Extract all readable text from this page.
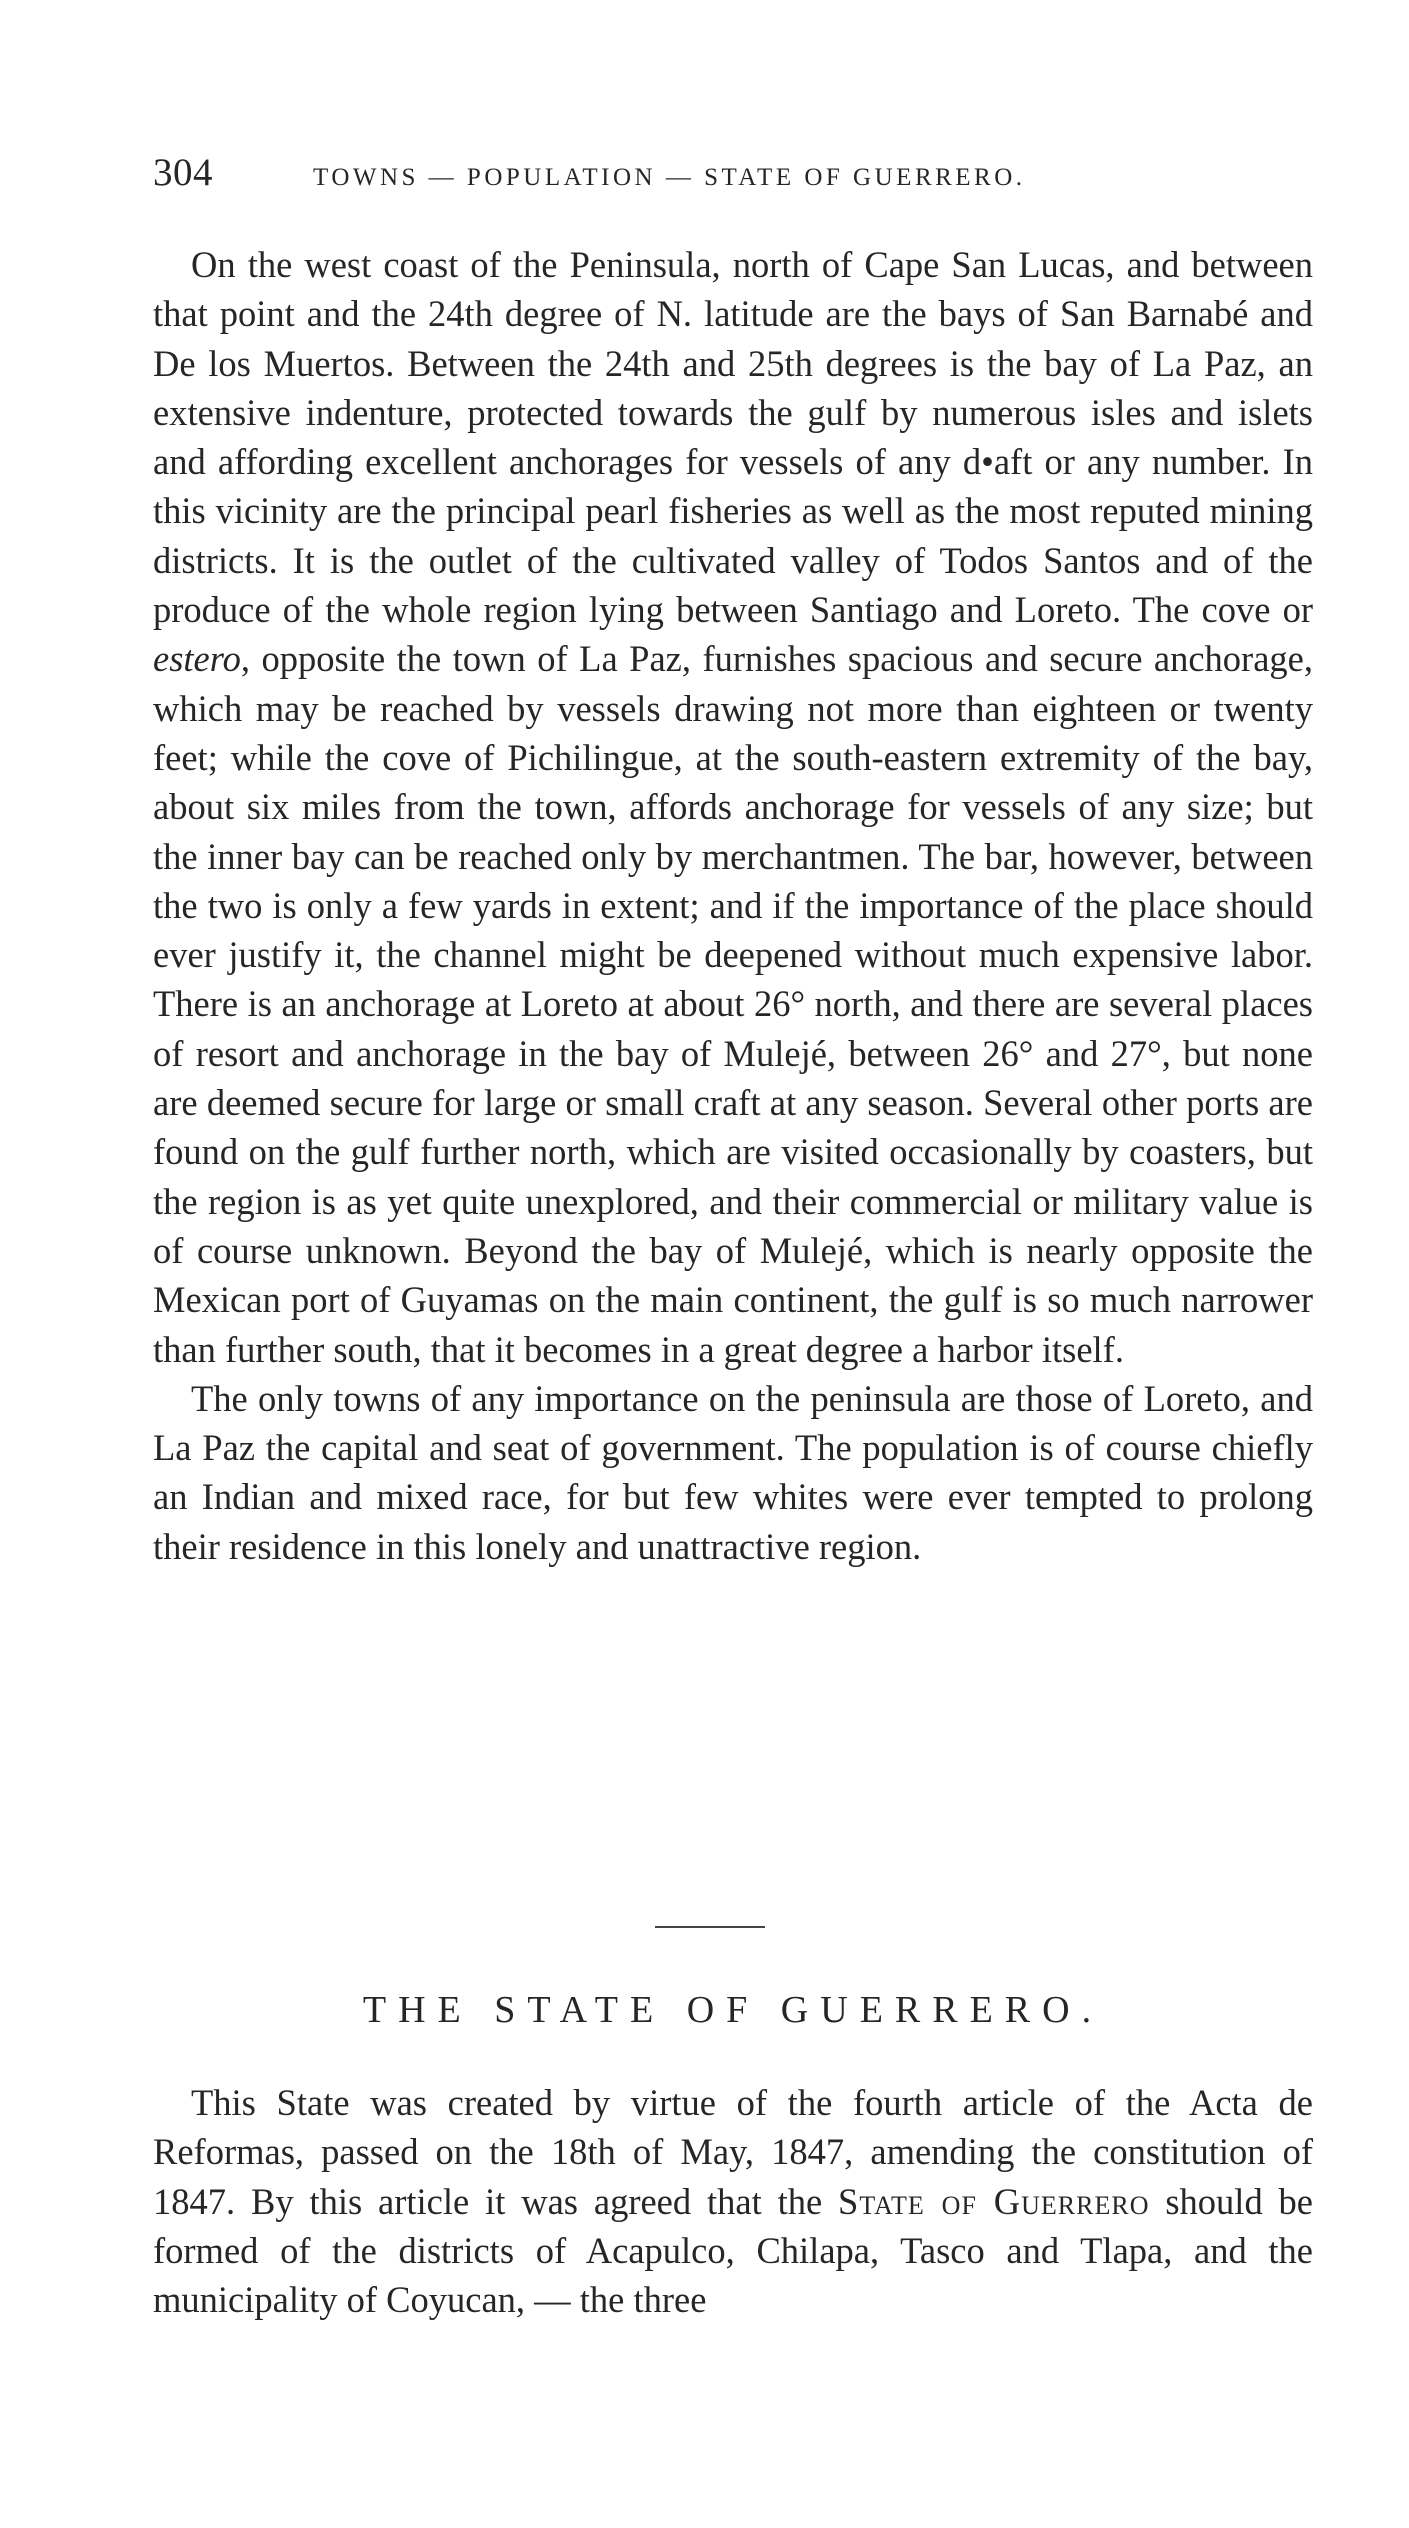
304	TOWNS — POPULATION — STATE OF GUERRERO.

On the west coast of the Peninsula, north of Cape San Lucas, and between that point and the 24th degree of N. latitude are the bays of San Barnabé and De los Muertos. Between the 24th and 25th degrees is the bay of La Paz, an extensive indenture, protected towards the gulf by numerous isles and islets and affording excellent anchorages for vessels of any d•aft or any number. In this vicinity are the principal pearl fisheries as well as the most reputed mining districts. It is the outlet of the cultivated valley of Todos Santos and of the produce of the whole region lying between Santiago and Loreto. The cove or estero, opposite the town of La Paz, furnishes spacious and secure anchorage, which may be reached by vessels drawing not more than eighteen or twenty feet; while the cove of Pichilingue, at the south-eastern extremity of the bay, about six miles from the town, affords anchorage for vessels of any size; but the inner bay can be reached only by merchantmen. The bar, however, between the two is only a few yards in extent; and if the importance of the place should ever justify it, the channel might be deepened without much expensive labor. There is an anchorage at Loreto at about 26° north, and there are several places of resort and anchorage in the bay of Mulejé, between 26° and 27°, but none are deemed secure for large or small craft at any season. Several other ports are found on the gulf further north, which are visited occasionally by coasters, but the region is as yet quite unexplored, and their commercial or military value is of course unknown. Beyond the bay of Mulejé, which is nearly opposite the Mexican port of Guyamas on the main continent, the gulf is so much narrower than further south, that it becomes in a great degree a harbor itself.

The only towns of any importance on the peninsula are those of Loreto, and La Paz the capital and seat of government. The population is of course chiefly an Indian and mixed race, for but few whites were ever tempted to prolong their residence in this lonely and unattractive region.

THE STATE OF GUERRERO.

This State was created by virtue of the fourth article of the Acta de Reformas, passed on the 18th of May, 1847, amending the constitution of 1847. By this article it was agreed that the State of Guerrero should be formed of the districts of Acapulco, Chilapa, Tasco and Tlapa, and the municipality of Coyucan, — the three
